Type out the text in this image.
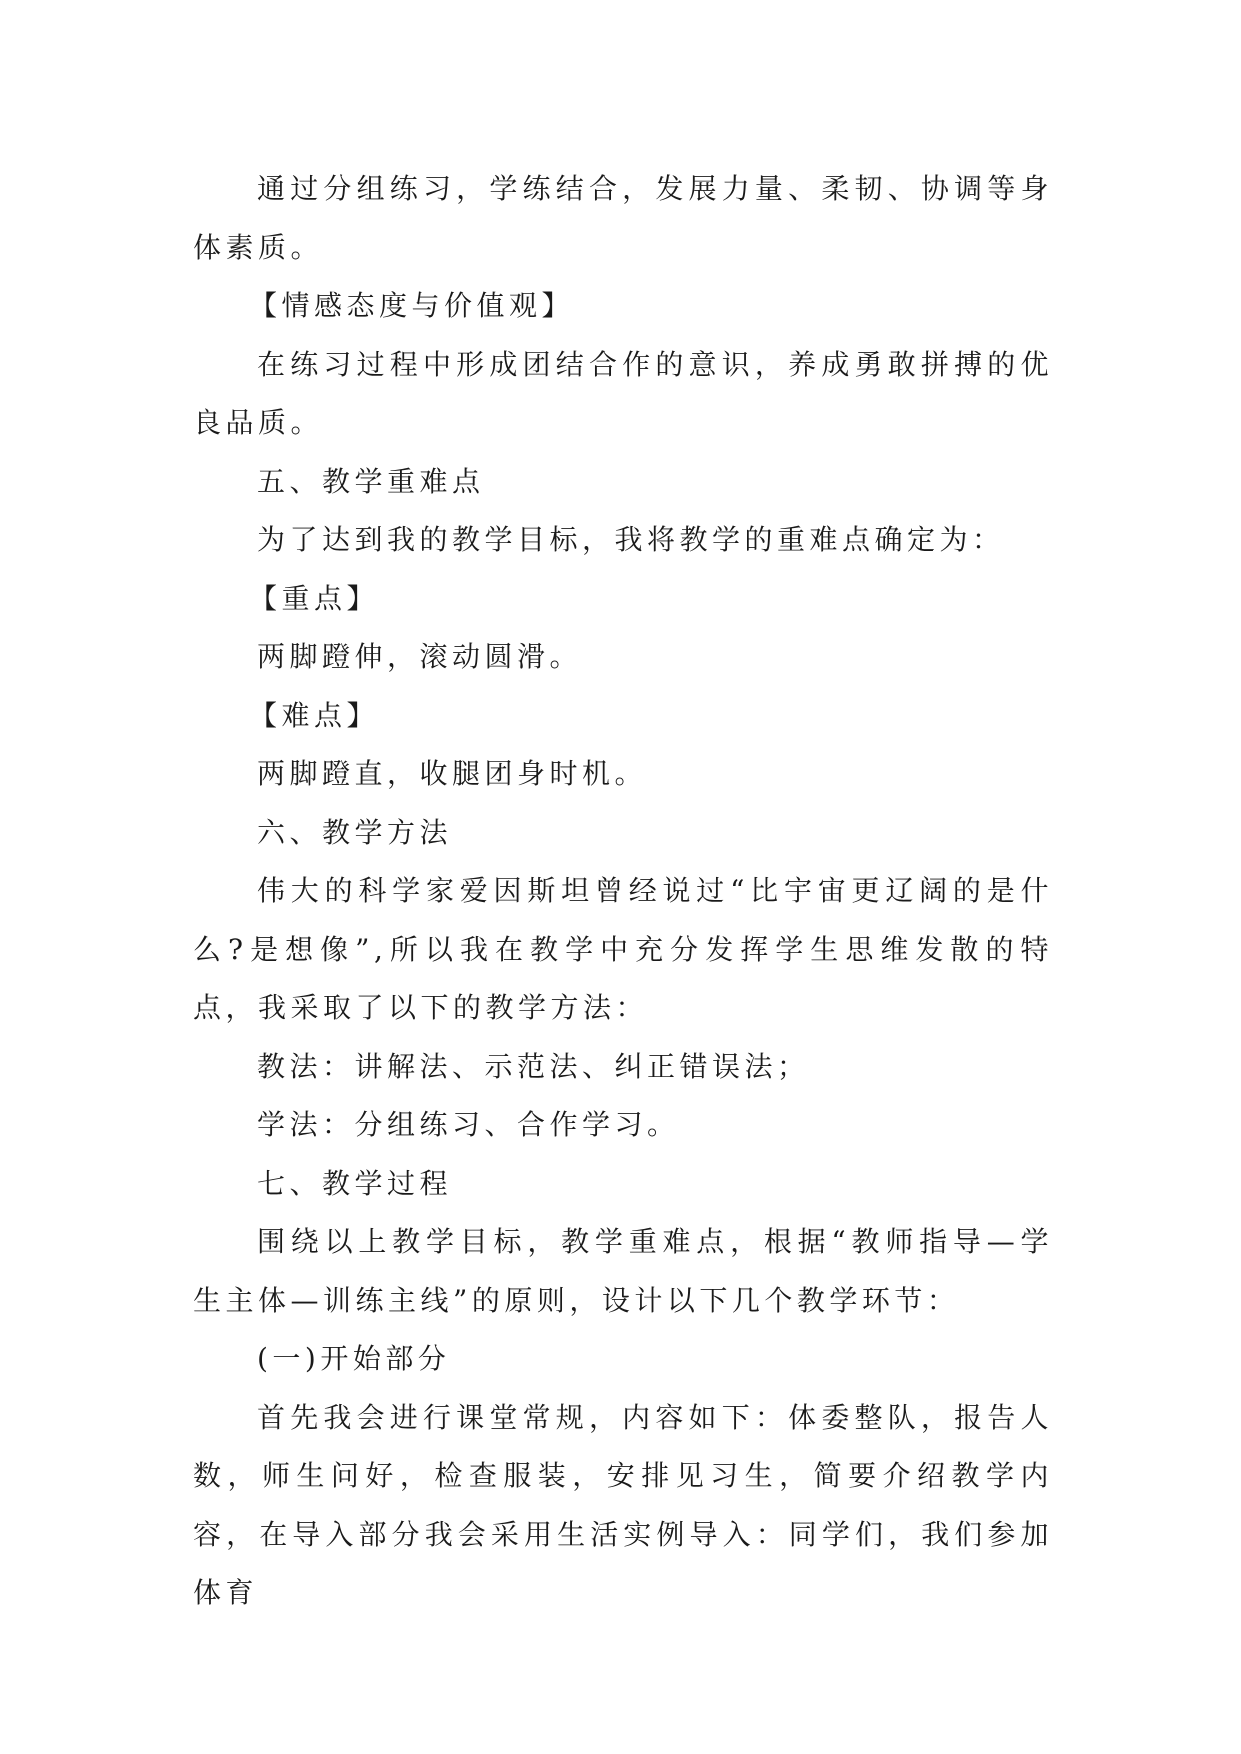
通过分组练习，学练结合，发展力量、柔韧、协调等身体素质。

【情感态度与价值观】

在练习过程中形成团结合作的意识，养成勇敢拼搏的优良品质。

五、教学重难点

为了达到我的教学目标，我将教学的重难点确定为：

【重点】

两脚蹬伸，滚动圆滑。

【难点】

两脚蹬直，收腿团身时机。

六、教学方法

伟大的科学家爱因斯坦曾经说过“比宇宙更辽阔的是什么?是想像”,所以我在教学中充分发挥学生思维发散的特点，我采取了以下的教学方法：

教法：讲解法、示范法、纠正错误法；

学法：分组练习、合作学习。

七、教学过程

围绕以上教学目标，教学重难点，根据“教师指导—学生主体—训练主线”的原则，设计以下几个教学环节：

(一)开始部分

首先我会进行课堂常规，内容如下：体委整队，报告人数，师生问好，检查服装，安排见习生，简要介绍教学内容，在导入部分我会采用生活实例导入：同学们，我们参加体育
